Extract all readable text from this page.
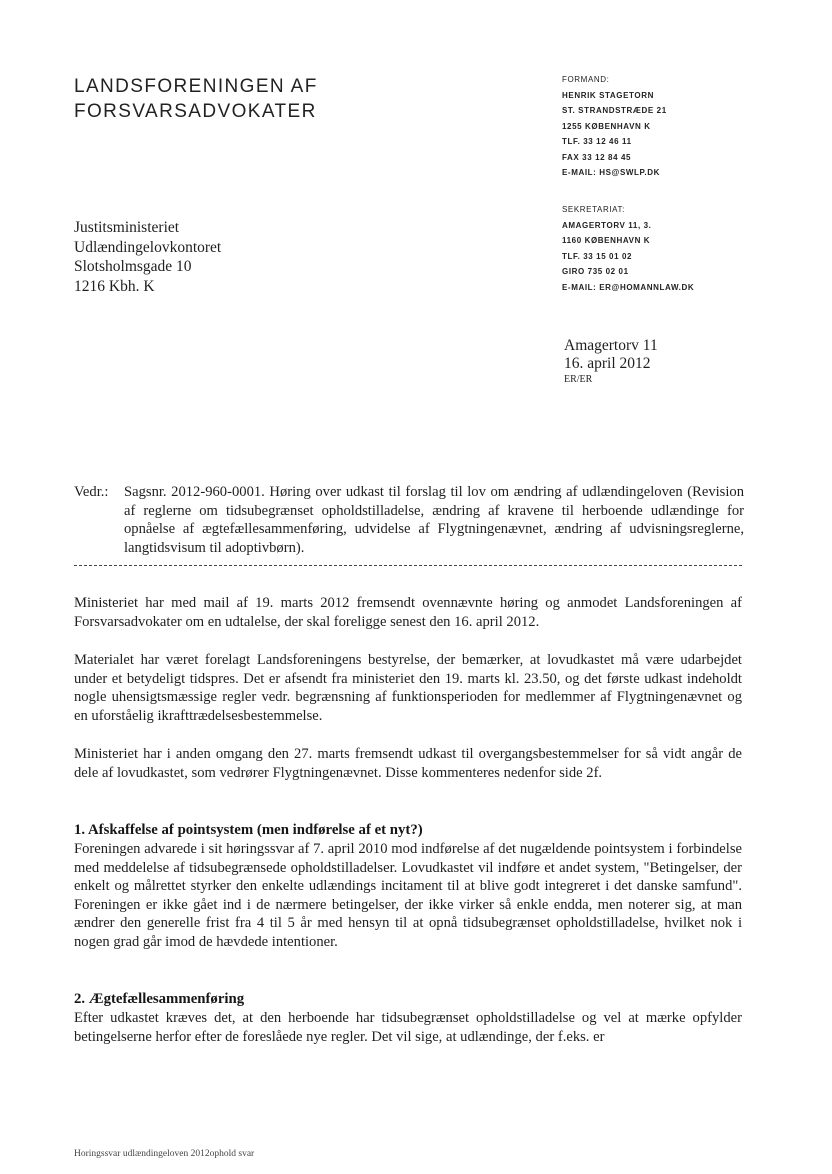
LANDSFORENINGEN AF
FORSVARSADVOKATER
FORMAND:
HENRIK STAGETORN
ST. STRANDSTRÆDE 21
1255 KØBENHAVN K
TLF. 33 12 46 11
FAX 33 12 84 45
E-MAIL: HS@SWLP.DK
SEKRETARIAT:
AMAGERTORV 11, 3.
1160 KØBENHAVN K
TLF. 33 15 01 02
GIRO 735 02 01
E-MAIL: ER@HOMANNLAW.DK
Justitsministeriet
Udlændingelovkontoret
Slotsholmsgade 10
1216 Kbh. K
Amagertorv 11
16. april 2012
ER/ER
Vedr.: Sagsnr. 2012-960-0001. Høring over udkast til forslag til lov om ændring af udlændingeloven (Revision af reglerne om tidsubegrænset opholdstilladelse, ændring af kravene til herboende udlændinge for opnåelse af ægtefællesammenføring, udvidelse af Flygtningenævnet, ændring af udvisningsreglerne, langtidsvisum til adoptivbørn).

Ministeriet har med mail af 19. marts 2012 fremsendt ovennævnte høring og anmodet Landsforeningen af Forsvarsadvokater om en udtalelse, der skal foreligge senest den 16. april 2012.

Materialet har været forelagt Landsforeningens bestyrelse, der bemærker, at lovudkastet må være udarbejdet under et betydeligt tidspres. Det er afsendt fra ministeriet den 19. marts kl. 23.50, og det første udkast indeholdt nogle uhensigtsmæssige regler vedr. begrænsning af funktionsperioden for medlemmer af Flygtningenævnet og en uforståelig ikrafttrædelsesbestemmelse.

Ministeriet har i anden omgang den 27. marts fremsendt udkast til overgangsbestemmelser for så vidt angår de dele af lovudkastet, som vedrører Flygtningenævnet. Disse kommenteres nedenfor side 2f.

1. Afskaffelse af pointsystem (men indførelse af et nyt?)

Foreningen advarede i sit høringssvar af 7. april 2010 mod indførelse af det nugældende pointsystem i forbindelse med meddelelse af tidsubegrænsede opholdstilladelser. Lovudkastet vil indføre et andet system, "Betingelser, der enkelt og målrettet styrker den enkelte udlændings incitament til at blive godt integreret i det danske samfund". Foreningen er ikke gået ind i de nærmere betingelser, der ikke virker så enkle endda, men noterer sig, at man ændrer den generelle frist fra 4 til 5 år med hensyn til at opnå tidsubegrænset opholdstilladelse, hvilket nok i nogen grad går imod de hævdede intentioner.

2. Ægtefællesammenføring

Efter udkastet kræves det, at den herboende har tidsubegrænset opholdstilladelse og vel at mærke opfylder betingelserne herfor efter de foreslåede nye regler. Det vil sige, at udlændinge, der f.eks. er

Horingssvar udlændingeloven 2012ophold svar
